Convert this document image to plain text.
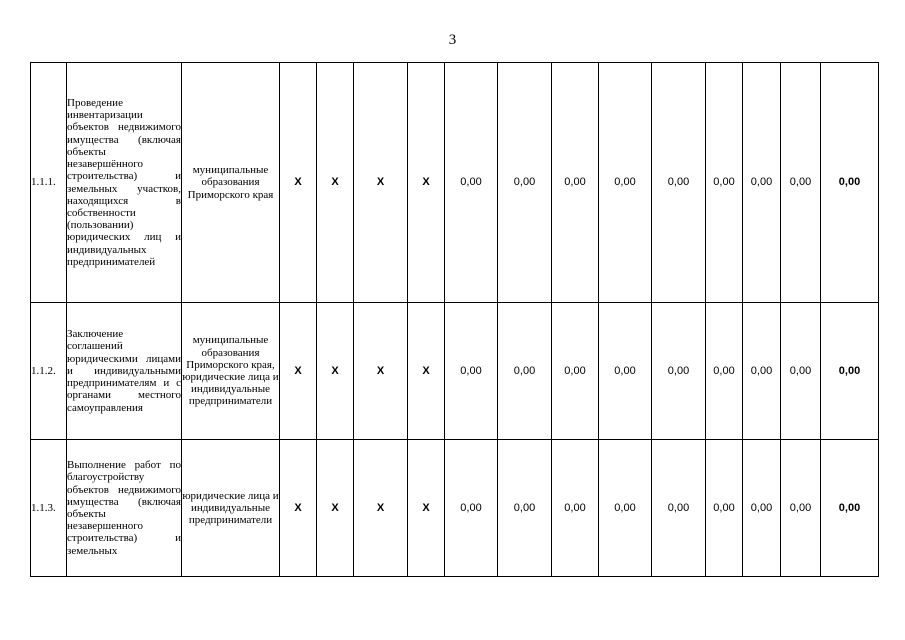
3
1.1.1.	Проведение инвентаризации объектов недвижимого имущества (включая объекты незавершённого строительства) и земельных участков, находящихся в собственности (пользовании) юридических лиц и индивидуальных предпринимателей	муниципальные образования Приморского края	X	X	X	X	0,00	0,00	0,00	0,00	0,00	0,00	0,00	0,00	0,00
1.1.2.	Заключение соглашений юридическими лицами и индивидуальными предпринимателям и с органами местного самоуправления	муниципальные образования Приморского края, юридические лица и индивидуальные предприниматели	X	X	X	X	0,00	0,00	0,00	0,00	0,00	0,00	0,00	0,00	0,00
1.1.3.	Выполнение работ по благоустройству объектов недвижимого имущества (включая объекты незавершенного строительства) и земельных	юридические лица и индивидуальные предприниматели	X	X	X	X	0,00	0,00	0,00	0,00	0,00	0,00	0,00	0,00	0,00
